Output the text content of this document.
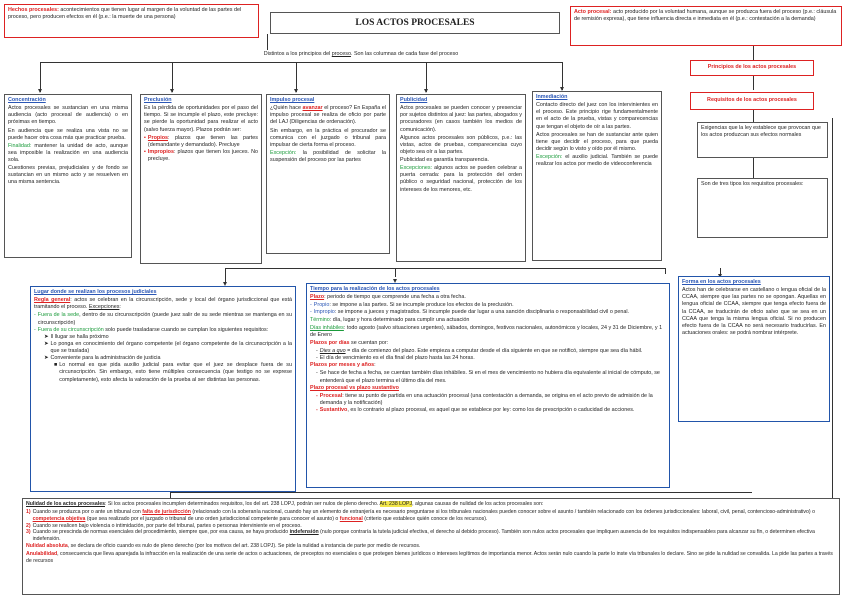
Hechos procesales: acontecimientos que tienen lugar al margen de la voluntad de las partes del proceso, pero producen efectos en él (p.e.: la muerte de una persona)
LOS ACTOS PROCESALES
Acto procesal: acto producido por la voluntad humana, aunque se produzca fuera del proceso (p.e.: cláusula de remisión expresa), que tiene influencia directa e inmediata en él (p.e.: contestación a la demanda)
Distintos a los principios del proceso. Son las columnas de cada fase del proceso
Principios de los actos procesales
Requisitos de los actos procesales
Exigencias que la ley establece que provocan que los actos produzcan sus efectos normales
Son de tres tipos los requisitos procesales:
Concentración

Actos procesales se sustancian en una misma audiencia (acto procesal de audiencia) o en próximas en tiempo.

En audiencia que se realiza una vista no se puede hacer otra cosa más que practicar prueba.

Finalidad: mantener la unidad de acto, aunque sea imposible la realización en una audiencia sola.

Cuestiones previas, prejudiciales y de fondo se sustancian en un mismo acto y se resuelven en una misma sentencia.

Preclusión

Es la pérdida de oportunidades por el paso del tiempo. Si se incumple el plazo, este precluye: se pierde la oportunidad para realizar el acto (salvo fuerza mayor). Plazos podrán ser:

▪ Propios: plazos que tienen las partes (demandante y demandado). Precluye
▪ Impropios: plazos que tienen los jueces. No precluye.
Impulso procesal

¿Quién hace avanzar el proceso? En España el impulso procesal se realiza de oficio por parte del LAJ (Diligencias de ordenación).

Sin embargo, en la práctica el procurador se comunica con el juzgado o tribunal para impulsar de cierta forma el proceso.

Excepción: la posibilidad de solicitar la suspensión del proceso por las partes

Publicidad

Actos procesales se pueden conocer y presenciar por sujetos distintos al juez: las partes, abogados y procuradores (en casos también los medios de comunicación).

Algunos actos procesales son públicos, p.e.: las vistas, actos de pruebas, comparecencias cuyo objeto sea oír a las partes.

Publicidad es garantía transparencia.

Excepciones: algunos actos se pueden celebrar a puerta cerrada: para la protección del orden público o seguridad nacional, protección de los intereses de los menores, etc.

Inmediación

Contacto directo del juez con los intervinientes en el proceso. Este principio rige fundamentalmente en el acto de la prueba, vistas y comparecencias que tengan el objeto de oír a las partes.

Actos procesales se han de sustanciar ante quien tiene que decidir el proceso, para que pueda decidir según lo visto y oído por él mismo.

Excepción: el auxilio judicial. También se puede realizar los actos por medio de videoconferencia

Lugar donde se realizan los procesos judiciales

Regla general: actos se celebran en la circunscripción, sede y local del órgano jurisdiccional que está tramitando el proceso. Excepciones:

- Fuera de la sede, dentro de su circunscripción (puede juez salir de su sede mientras se mantenga en su circunscripción)
- Fuera de su circunscripción solo puede trasladarse cuando se cumplan los siguientes requisitos:
➤ Il llugar se halla próximo
➤ Lo ponga en conocimiento del órgano competente (el órgano competente de la circunscripción a la que se traslada)
➤ Conveniente para la administración de justicia
■ Lo normal es que pida auxilio judicial para evitar que el juez se desplace fuera de su circunscripción. Sin embargo, esto tiene múltiples consecuencia (que testigo no se exprese completamente), esto afecta la valoración de la prueba al ser distintas las personas.
Tiempo para la realización de los actos procesales

Plazo: periodo de tiempo que comprende una fecha a otra fecha.

- Propio: se impone a las partes. Si se incumple produce los efectos de la preclusión.
- Impropio: se impone a jueces y magistrados. Si incumple puede dar lugar a una sanción disciplinaria o responsabilidad civil o penal.

Término: día, lugar y hora determinado para cumplir una actuación

Días inhábiles: todo agosto (salvo situaciones urgentes), sábados, domingos, festivos nacionales, autonómicos y locales, 24 y 31 de Diciembre, y 1 de Enero

Plazos por días se cuentan por:

- Dies a quo = día de comienzo del plazo. Este empieza a computar desde el día siguiente en que se notificó, siempre que sea día hábil.
- El día de vencimiento es el día final del plazo hasta las 24 horas.

Plazos por meses y años:

- Se hace de fecha a fecha, se cuentan también días inhábiles. Si en el mes de vencimiento no hubiera día equivalente al inicial de cómputo, se entenderá que el plazo termina el último día del mes.

Plazo procesal vs plazo sustantivo

- Procesal: tiene su punto de partida en una actuación procesal (una contestación a demanda, se origina en el acto previo de admisión de la demanda y la notificación)
- Sustantivo, es lo contrario al plazo procesal, es aquel que se establece por ley: como los de prescripción o caducidad de acciones.
Forma en los actos procesales

Actos han de celebrarse en castellano o lengua oficial de la CCAA, siempre que las partes no se opongan. Aquellas en lengua oficial de CCAA, siempre que tenga efecto fuera de la CCAA, se traducirán de oficio salvo que se sea en un CCAA que tenga la misma lengua oficial. Si no producen efecto fuera de la CCAA no será necesario traducirlas. En actuaciones orales: se podrá nombrar intérprete.

Nulidad de los actos procesales: Si los actos procesales incumplen determinados requisitos, los del art. 238 LOPJ, podrán ser nulos de pleno derecho. Art. 238 LOPJ, algunas causas de nulidad de los actos procesales son:

1) Cuando se produzca por o ante un tribunal con falta de jurisdicción (relacionado con la soberanía nacional, cuando hay un elemento de extranjería es necesario preguntarse si los tribunales nacionales pueden conocer sobre el asunto / también relacionado con los órdenes jurisdiccionales: laboral, civil, penal, contencioso-administrativo) o competencia objetiva (que sea realizado por el juzgado o tribunal de uno orden jurisdiccional competente para conocer el asunto) o funcional (criterio que establece quién conoce de los recursos).
2) Cuando se realicen bajo violencia o intimidación, por parte del tribunal, partes o personas interviniente en el proceso.
3) Cuando se prescinda de normas esenciales del procedimiento, siempre que, por esa causa, se haya producido indefensión (nulo porque contraría la tutela judicial efectiva, el derecho al debido proceso). También son nulos actos procesales que impliquen ausencia de los requisitos indispensables para alcanzar su fin, o determinen efectiva indefensión.

Nulidad absoluta, se declara de oficio cuando es nulo de pleno derecho (por los motivos del art. 238 LOPJ). Se pide la nulidad a instancia de parte por medio de recursos.

Anulabilidad, consecuencia que lleva aparejada la infracción en la realización de una serie de actos o actuaciones, de preceptos no esenciales o que protegen bienes jurídicos o intereses legítimos de importancia menor. Actos serán nulo cuando la parte lo inste vía tribunales lo declare. Sino se pide la nulidad se convalida. La pide las partes a través de recursos
